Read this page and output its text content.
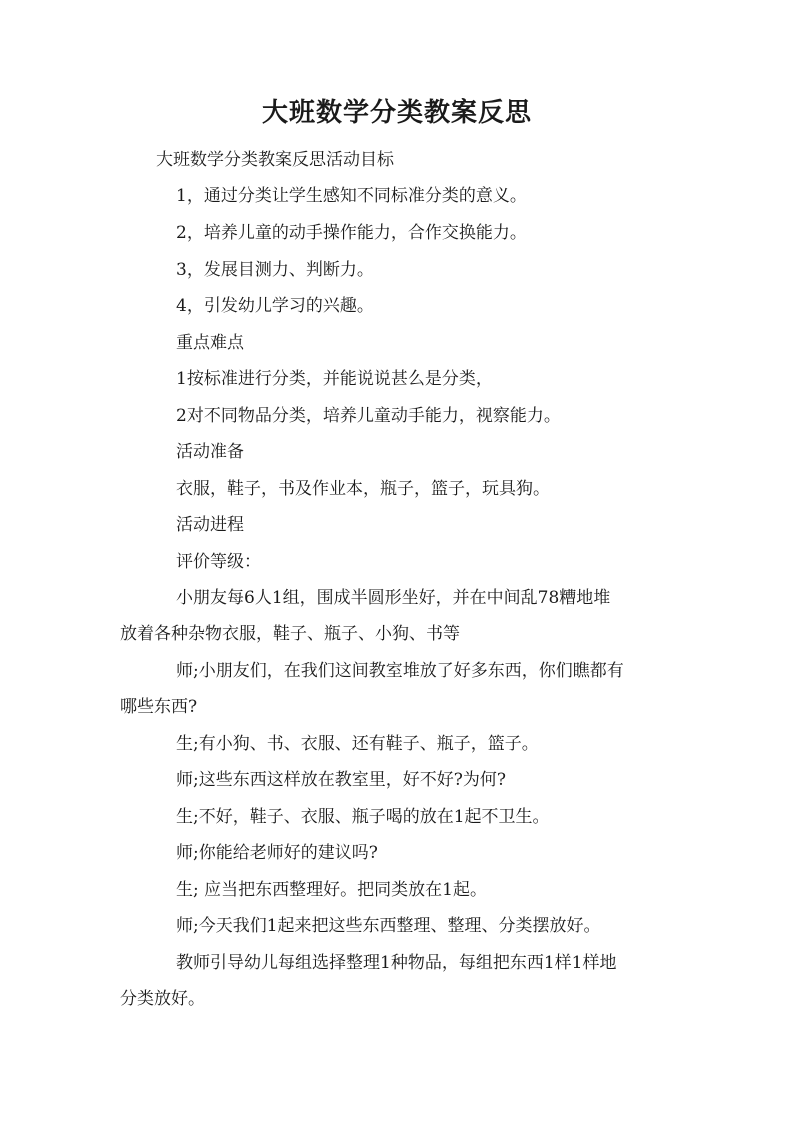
大班数学分类教案反思
大班数学分类教案反思活动目标
1，通过分类让学生感知不同标准分类的意义。
2，培养儿童的动手操作能力，合作交换能力。
3，发展目测力、判断力。
4，引发幼儿学习的兴趣。
重点难点
1按标准进行分类，并能说说甚么是分类，
2对不同物品分类，培养儿童动手能力，视察能力。
活动准备
衣服，鞋子，书及作业本，瓶子，篮子，玩具狗。
活动进程
评价等级：
小朋友每6人1组，围成半圆形坐好，并在中间乱78糟地堆
放着各种杂物衣服，鞋子、瓶子、小狗、书等
师;小朋友们，在我们这间教室堆放了好多东西，你们瞧都有
哪些东西?
生;有小狗、书、衣服、还有鞋子、瓶子，篮子。
师;这些东西这样放在教室里，好不好?为何?
生;不好，鞋子、衣服、瓶子喝的放在1起不卫生。
师;你能给老师好的建议吗?
生; 应当把东西整理好。把同类放在1起。
师;今天我们1起来把这些东西整理、整理、分类摆放好。
教师引导幼儿每组选择整理1种物品，每组把东西1样1样地
分类放好。
